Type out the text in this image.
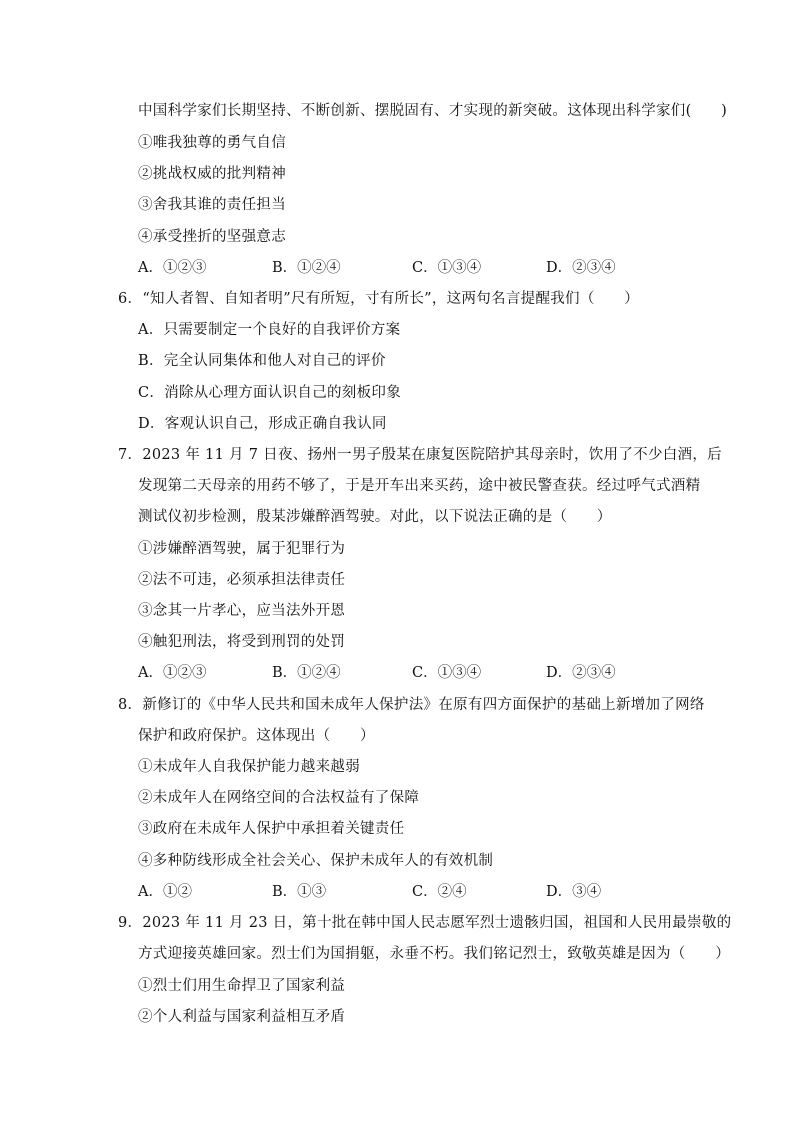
中国科学家们长期坚持、不断创新、摆脱固有、才实现的新突破。这体现出科学家们(　　)
①唯我独尊的勇气自信
②挑战权威的批判精神
③舍我其谁的责任担当
④承受挫折的坚强意志
A．①②③	B．①②④	C．①③④	D．②③④
6．“知人者智、自知者明”尺有所短，寸有所长”，这两句名言提醒我们（　　）
A．只需要制定一个良好的自我评价方案
B．完全认同集体和他人对自己的评价
C．消除从心理方面认识自己的刻板印象
D．客观认识自己，形成正确自我认同
7．2023 年 11 月 7 日夜、扬州一男子殷某在康复医院陪护其母亲时，饮用了不少白酒，后
发现第二天母亲的用药不够了，于是开车出来买药，途中被民警查获。经过呼气式酒精
测试仪初步检测，殷某涉嫌醉酒驾驶。对此，以下说法正确的是（　　）
①涉嫌醉酒驾驶，属于犯罪行为
②法不可违，必须承担法律责任
③念其一片孝心，应当法外开恩
④触犯刑法，将受到刑罚的处罚
A．①②③	B．①②④	C．①③④	D．②③④
8．新修订的《中华人民共和国未成年人保护法》在原有四方面保护的基础上新增加了网络
保护和政府保护。这体现出（　　）
①未成年人自我保护能力越来越弱
②未成年人在网络空间的合法权益有了保障
③政府在未成年人保护中承担着关键责任
④多种防线形成全社会关心、保护未成年人的有效机制
A．①②	B．①③	C．②④	D．③④
9．2023 年 11 月 23 日，第十批在韩中国人民志愿军烈士遗骸归国，祖国和人民用最崇敬的
方式迎接英雄回家。烈士们为国捐躯，永垂不朽。我们铭记烈士，致敬英雄是因为（　　）
①烈士们用生命捍卫了国家利益
②个人利益与国家利益相互矛盾
